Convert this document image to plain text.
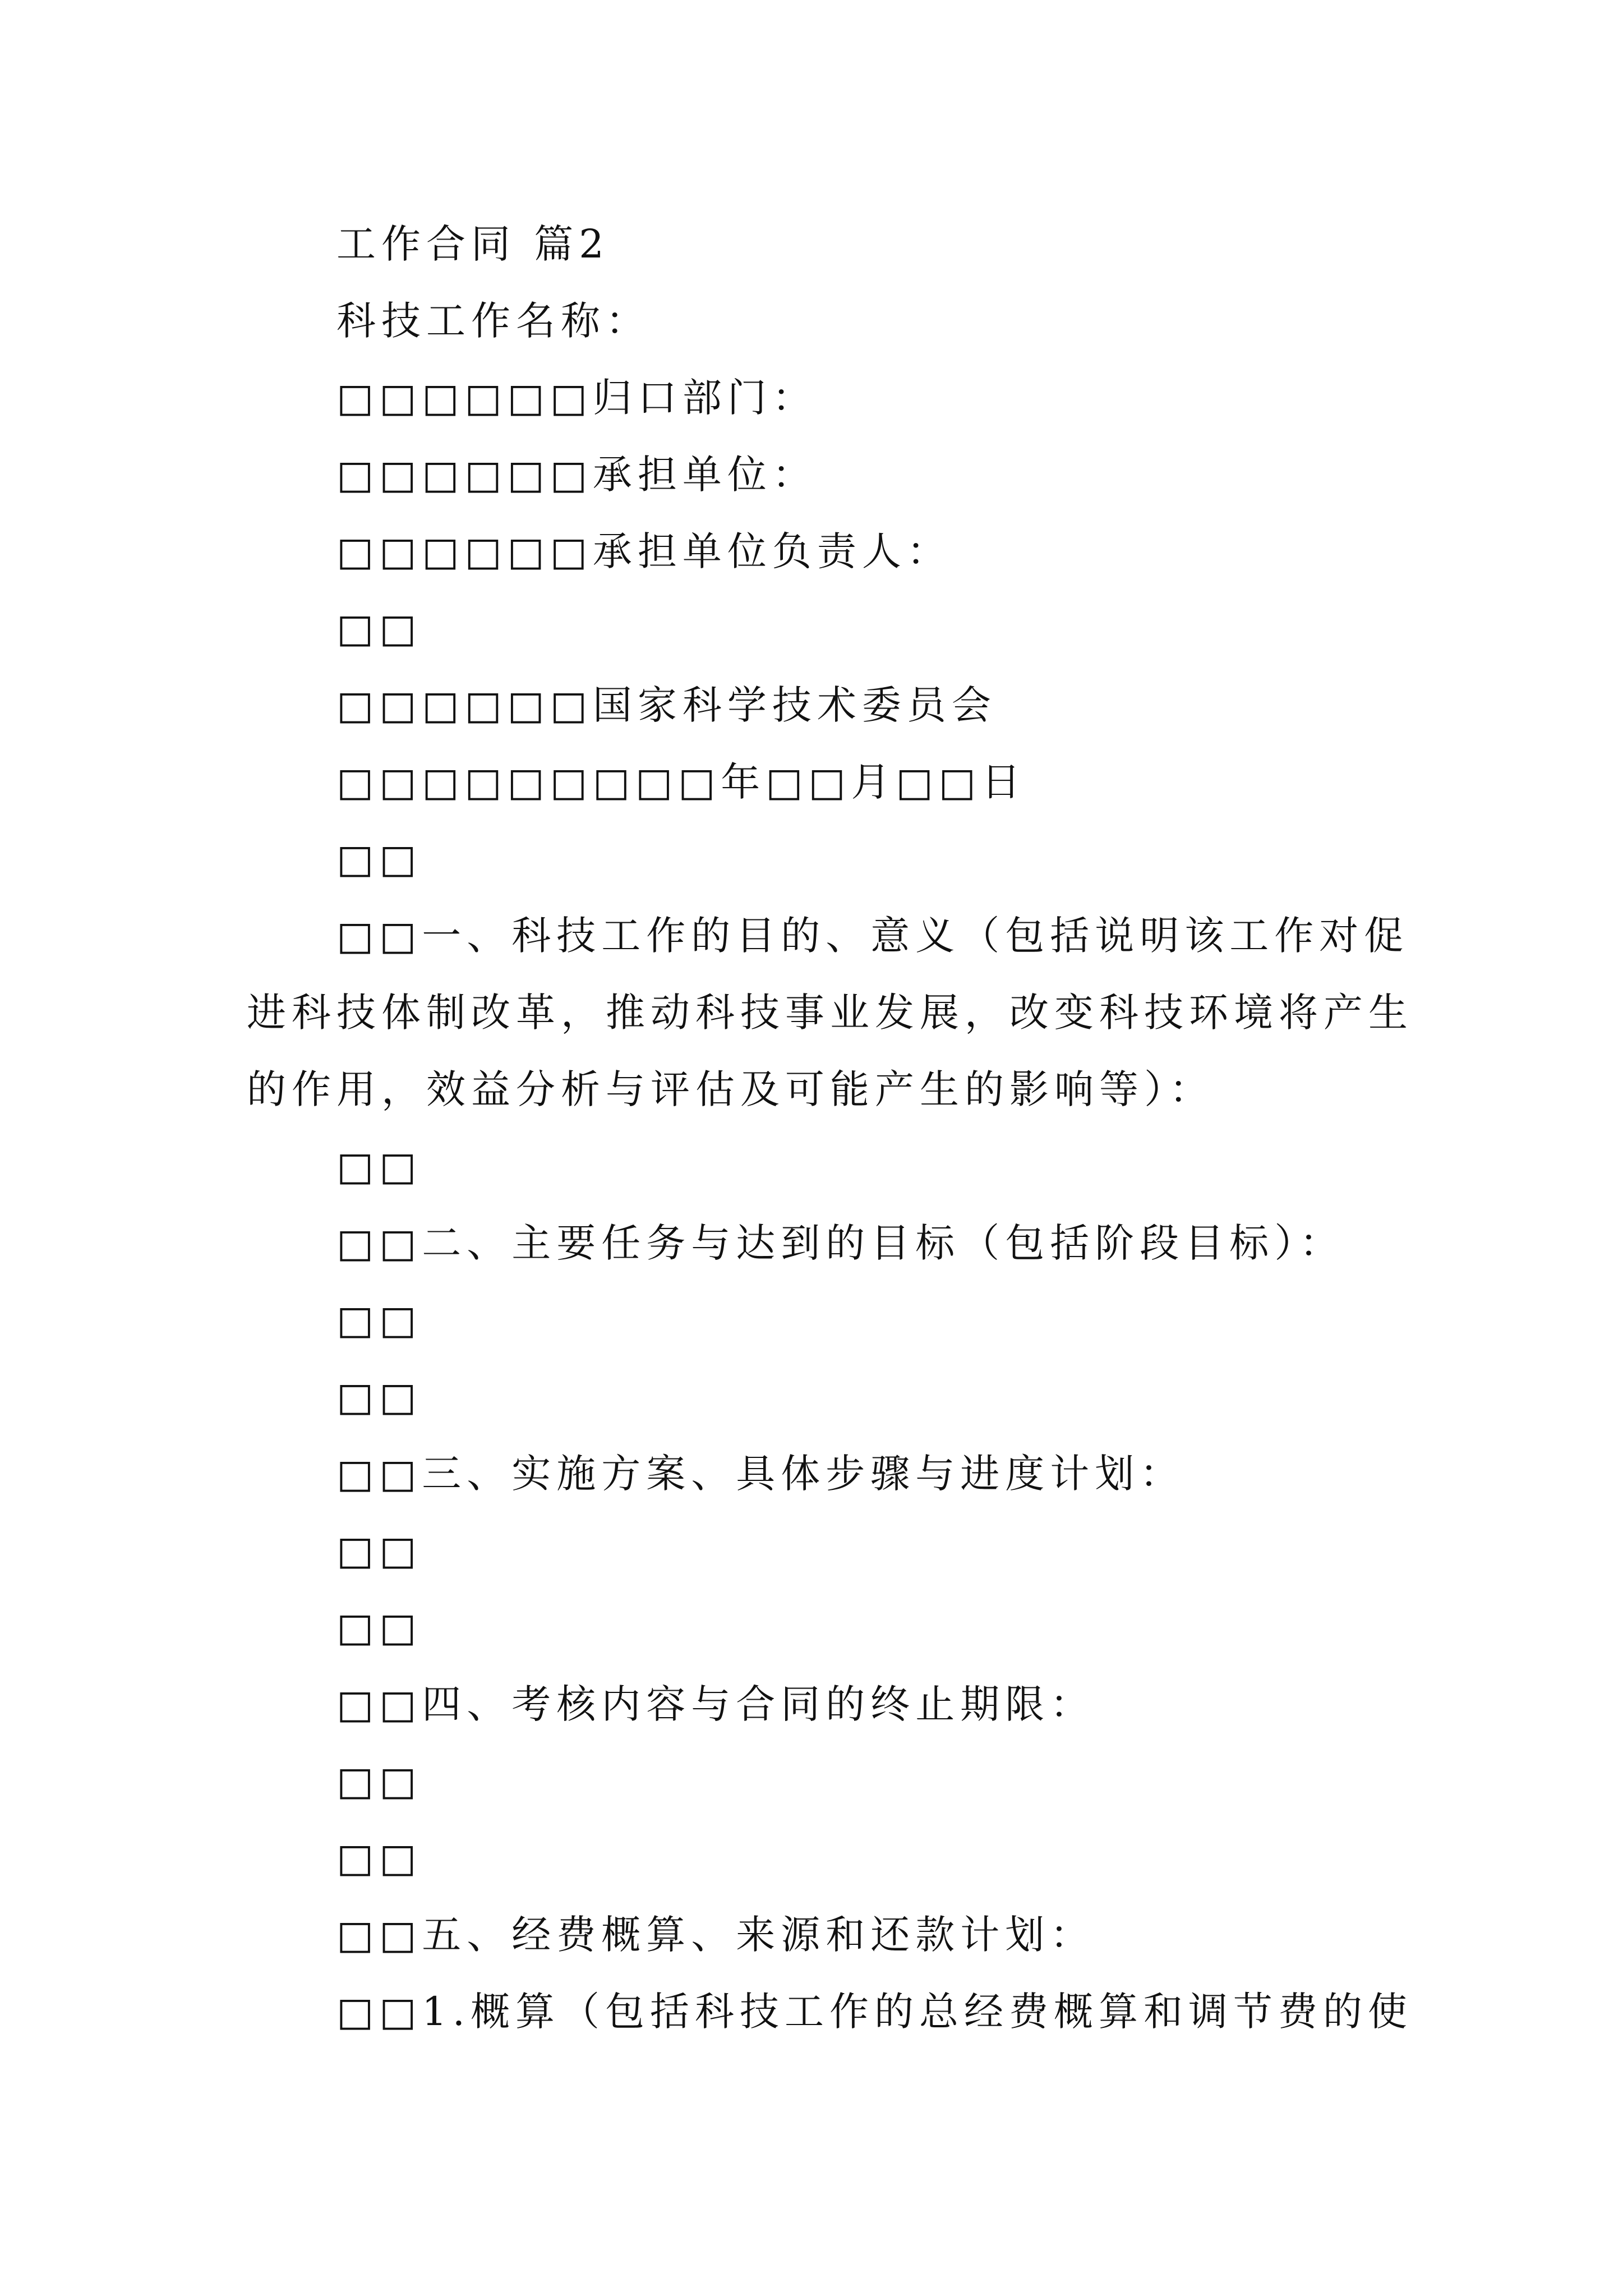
工作合同 篇2
科技工作名称：
□□□□□□归口部门：
□□□□□□承担单位：
□□□□□□承担单位负责人：
□□
□□□□□□国家科学技术委员会
□□□□□□□□□年□□月□□日
□□
□□一、科技工作的目的、意义（包括说明该工作对促
进科技体制改革，推动科技事业发展，改变科技环境将产生
的作用，效益分析与评估及可能产生的影响等）：
□□
□□二、主要任务与达到的目标（包括阶段目标）：
□□
□□
□□三、实施方案、具体步骤与进度计划：
□□
□□
□□四、考核内容与合同的终止期限：
□□
□□
□□五、经费概算、来源和还款计划：
□□1.概算（包括科技工作的总经费概算和调节费的使
